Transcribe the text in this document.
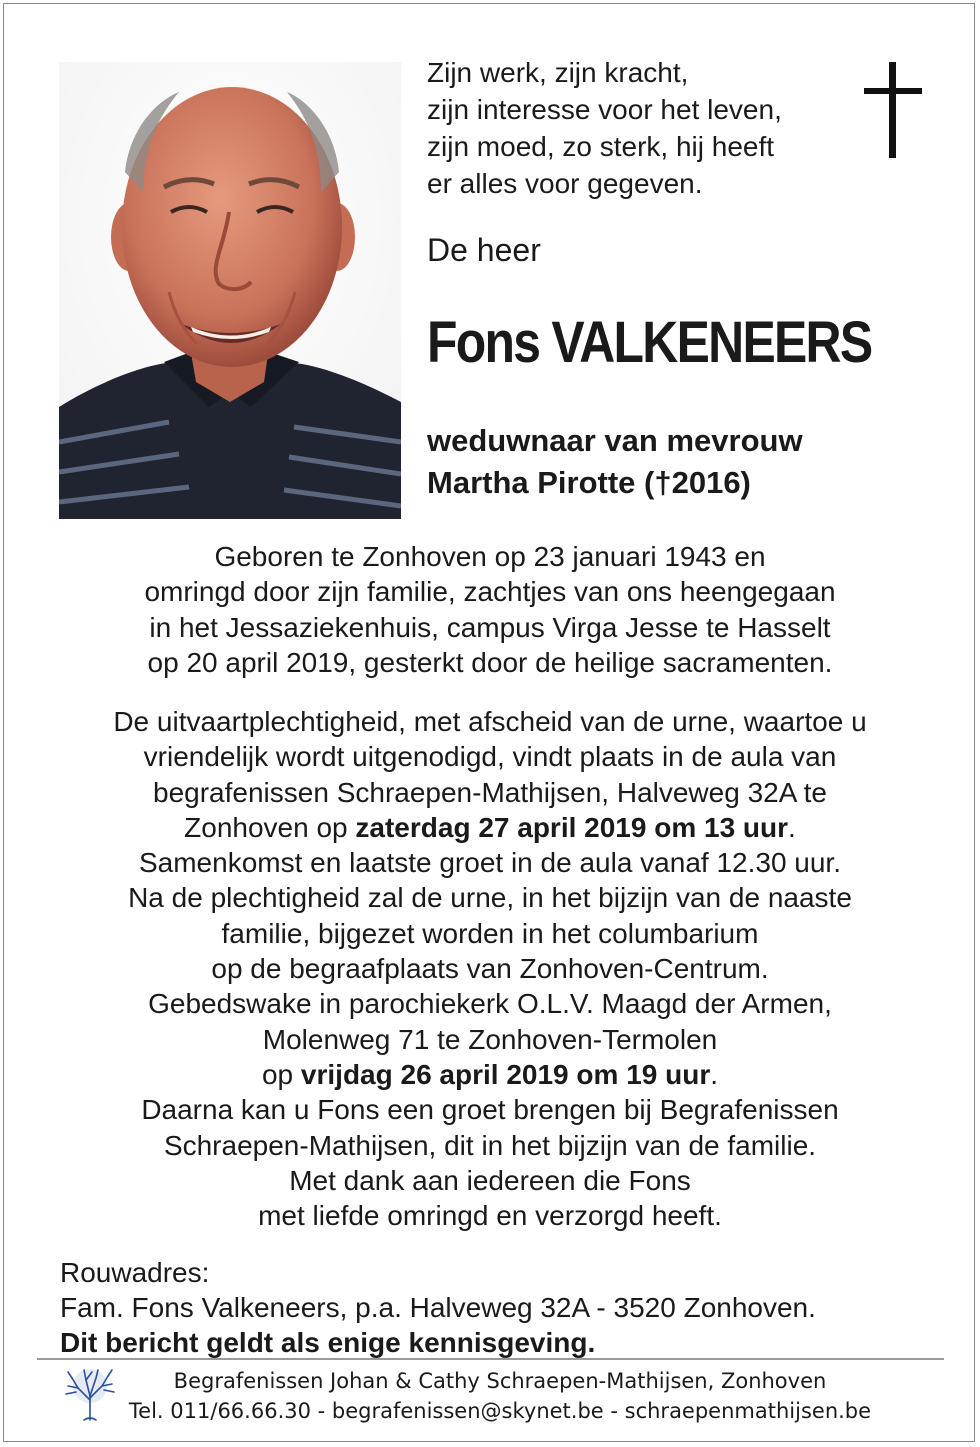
Zijn werk, zijn kracht,
zijn interesse voor het leven,
zijn moed, zo sterk, hij heeft
er alles voor gegeven.
De heer
Fons VALKENEERS
weduwnaar van mevrouw
Martha Pirotte (†2016)
Geboren te Zonhoven op 23 januari 1943 en
omringd door zijn familie, zachtjes van ons heengegaan
in het Jessaziekenhuis, campus Virga Jesse te Hasselt
op 20 april 2019, gesterkt door de heilige sacramenten.
De uitvaartplechtigheid, met afscheid van de urne, waartoe u
vriendelijk wordt uitgenodigd, vindt plaats in de aula van
begrafenissen Schraepen-Mathijsen, Halveweg 32A te
Zonhoven op zaterdag 27 april 2019 om 13 uur.
Samenkomst en laatste groet in de aula vanaf 12.30 uur.
Na de plechtigheid zal de urne, in het bijzijn van de naaste
familie, bijgezet worden in het columbarium
op de begraafplaats van Zonhoven-Centrum.
Gebedswake in parochiekerk O.L.V. Maagd der Armen,
Molenweg 71 te Zonhoven-Termolen
op vrijdag 26 april 2019 om 19 uur.
Daarna kan u Fons een groet brengen bij Begrafenissen
Schraepen-Mathijsen, dit in het bijzijn van de familie.
Met dank aan iedereen die Fons
met liefde omringd en verzorgd heeft.
Rouwadres:
Fam. Fons Valkeneers, p.a. Halveweg 32A - 3520 Zonhoven.
Dit bericht geldt als enige kennisgeving.
Begrafenissen Johan & Cathy Schraepen-Mathijsen, Zonhoven
Tel. 011/66.66.30 - begrafenissen@skynet.be - schraepenmathijsen.be
